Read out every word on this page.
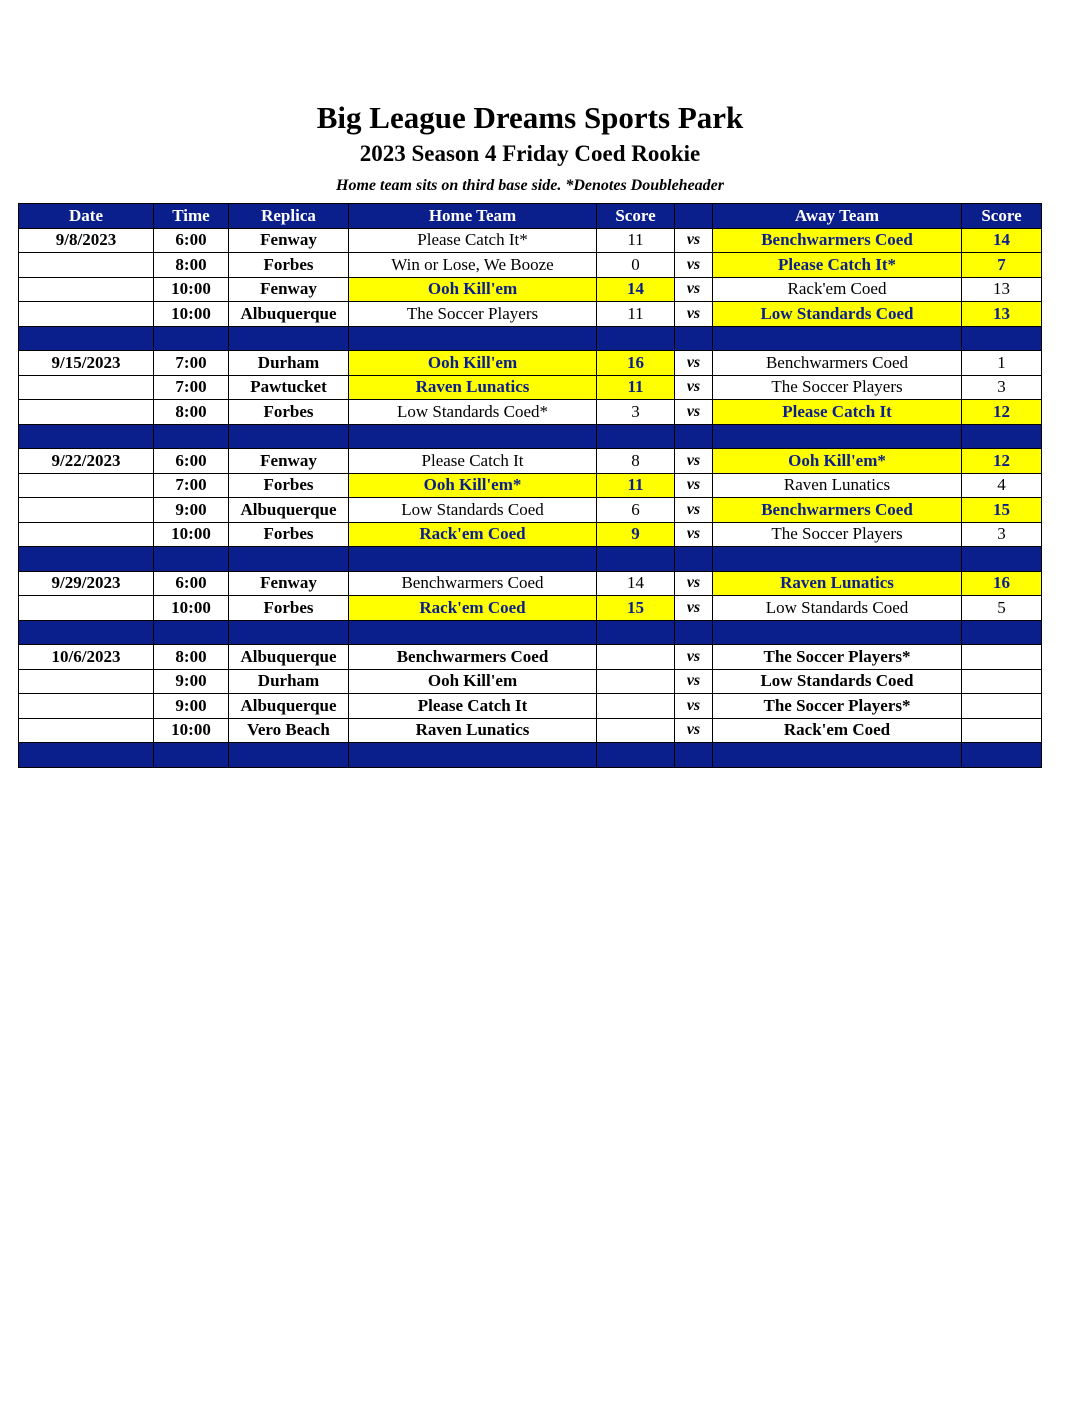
Big League Dreams Sports Park
2023 Season 4 Friday Coed Rookie
Home team sits on third base side. *Denotes Doubleheader
Date	Time	Replica	Home Team	Score		Away Team	Score
9/8/2023	6:00	Fenway	Please Catch It*	11	vs	Benchwarmers Coed	14
	8:00	Forbes	Win or Lose, We Booze	0	vs	Please Catch It*	7
	10:00	Fenway	Ooh Kill'em	14	vs	Rack'em Coed	13
	10:00	Albuquerque	The Soccer Players	11	vs	Low Standards Coed	13

9/15/2023	7:00	Durham	Ooh Kill'em	16	vs	Benchwarmers Coed	1
	7:00	Pawtucket	Raven Lunatics	11	vs	The Soccer Players	3
	8:00	Forbes	Low Standards Coed*	3	vs	Please Catch It	12

9/22/2023	6:00	Fenway	Please Catch It	8	vs	Ooh Kill'em*	12
	7:00	Forbes	Ooh Kill'em*	11	vs	Raven Lunatics	4
	9:00	Albuquerque	Low Standards Coed	6	vs	Benchwarmers Coed	15
	10:00	Forbes	Rack'em Coed	9	vs	The Soccer Players	3

9/29/2023	6:00	Fenway	Benchwarmers Coed	14	vs	Raven Lunatics	16
	10:00	Forbes	Rack'em Coed	15	vs	Low Standards Coed	5

10/6/2023	8:00	Albuquerque	Benchwarmers Coed		vs	The Soccer Players*	
	9:00	Durham	Ooh Kill'em		vs	Low Standards Coed	
	9:00	Albuquerque	Please Catch It		vs	The Soccer Players*	
	10:00	Vero Beach	Raven Lunatics		vs	Rack'em Coed	
